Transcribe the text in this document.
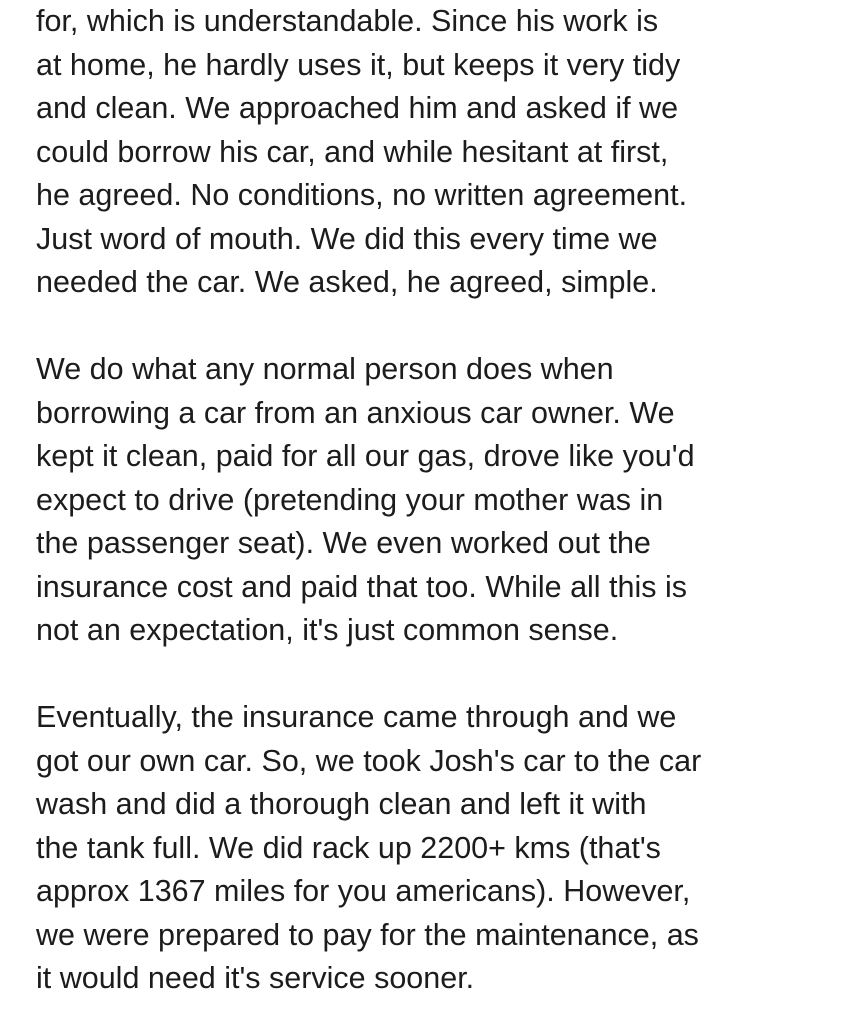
for, which is understandable. Since his work is
at home, he hardly uses it, but keeps it very tidy
and clean. We approached him and asked if we
could borrow his car, and while hesitant at first,
he agreed. No conditions, no written agreement.
Just word of mouth. We did this every time we
needed the car. We asked, he agreed, simple.
We do what any normal person does when
borrowing a car from an anxious car owner. We
kept it clean, paid for all our gas, drove like you'd
expect to drive (pretending your mother was in
the passenger seat). We even worked out the
insurance cost and paid that too. While all this is
not an expectation, it's just common sense.
Eventually, the insurance came through and we
got our own car. So, we took Josh's car to the car
wash and did a thorough clean and left it with
the tank full. We did rack up 2200+ kms (that's
approx 1367 miles for you americans). However,
we were prepared to pay for the maintenance, as
it would need it's service sooner.
